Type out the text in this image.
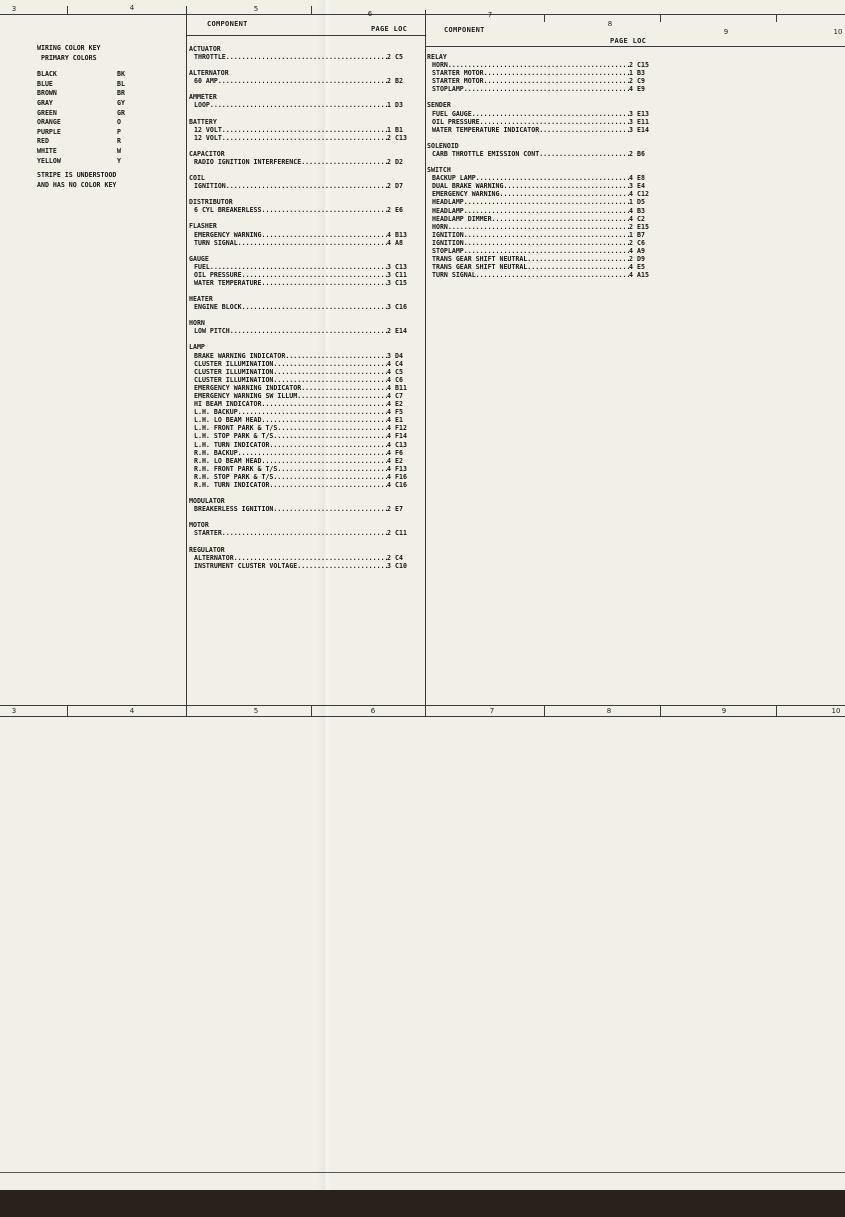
3	4	5
6	7
8
9	10
COMPONENT
PAGE LOC	COMPONENT
PAGE LOC
WIRING COLOR KEY
PRIMARY COLORS
BLACK	BK
BLUE	BL
BROWN	BR
GRAY	GY
GREEN	GR
ORANGE	O
PURPLE	P
RED	R
WHITE	W
YELLOW	Y
STRIPE IS UNDERSTOOD
AND HAS NO COLOR KEY
ACTUATOR
THROTTLE .....	2 C5
ALTERNATOR
60 AMP .....	2 B2
AMMETER
LOOP .....	1 D3
BATTERY
12 VOLT .....	1 B1
12 VOLT .....	2 C13
CAPACITOR
RADIO IGNITION INTERFERENCE .....	2 D2
COIL
IGNITION .....	2 D7
DISTRIBUTOR
6 CYL BREAKERLESS .....	2 E6
FLASHER
EMERGENCY WARNING .....	4 B13
TURN SIGNAL .....	4 A8
GAUGE
FUEL .....	3 C13
OIL PRESSURE .....	3 C11
WATER TEMPERATURE .....	3 C15
HEATER
ENGINE BLOCK .....	3 C16
HORN
LOW PITCH .....	2 E14
LAMP
BRAKE WARNING INDICATOR .....	3 D4
CLUSTER ILLUMINATION .....	4 C4
CLUSTER ILLUMINATION .....	4 C5
CLUSTER ILLUMINATION .....	4 C6
EMERGENCY WARNING INDICATOR .....	4 B11
EMERGENCY WARNING SW ILLUM .....	4 C7
HI BEAM INDICATOR .....	4 E2
L.H. BACKUP .....	4 F5
L.H. LO BEAM HEAD .....	4 E1
L.H. FRONT PARK & T/S .....	4 F12
L.H. STOP PARK & T/S .....	4 F14
L.H. TURN INDICATOR .....	4 C13
R.H. BACKUP .....	4 F6
R.H. LO BEAM HEAD .....	4 E2
R.H. FRONT PARK & T/S .....	4 F13
R.H. STOP PARK & T/S .....	4 F16
R.H. TURN INDICATOR .....	4 C16
MODULATOR
BREAKERLESS IGNITION .....	2 E7
MOTOR
STARTER .....	2 C11
REGULATOR
ALTERNATOR .....	2 C4
INSTRUMENT CLUSTER VOLTAGE .....	3 C10
RELAY
HORN .....	2 C15
STARTER MOTOR .....	1 B3
STARTER MOTOR .....	2 C9
STOPLAMP .....	4 E9
SENDER
FUEL GAUGE .....	3 E13
OIL PRESSURE .....	3 E11
WATER TEMPERATURE INDICATOR .....	3 E14
SOLENOID
CARB THROTTLE EMISSION CONT .....	2 B6
SWITCH
BACKUP LAMP .....	4 E8
DUAL BRAKE WARNING .....	3 E4
EMERGENCY WARNING .....	4 C12
HEADLAMP .....	1 D5
HEADLAMP .....	4 B3
HEADLAMP DIMMER .....	4 C2
HORN .....	2 E15
IGNITION .....	1 B7
IGNITION .....	2 C6
STOPLAMP .....	4 A9
TRANS GEAR SHIFT NEUTRAL .....	2 D9
TRANS GEAR SHIFT NEUTRAL .....	4 E5
TURN SIGNAL .....	4 A15
3	4	5	6	7	8	9	10
